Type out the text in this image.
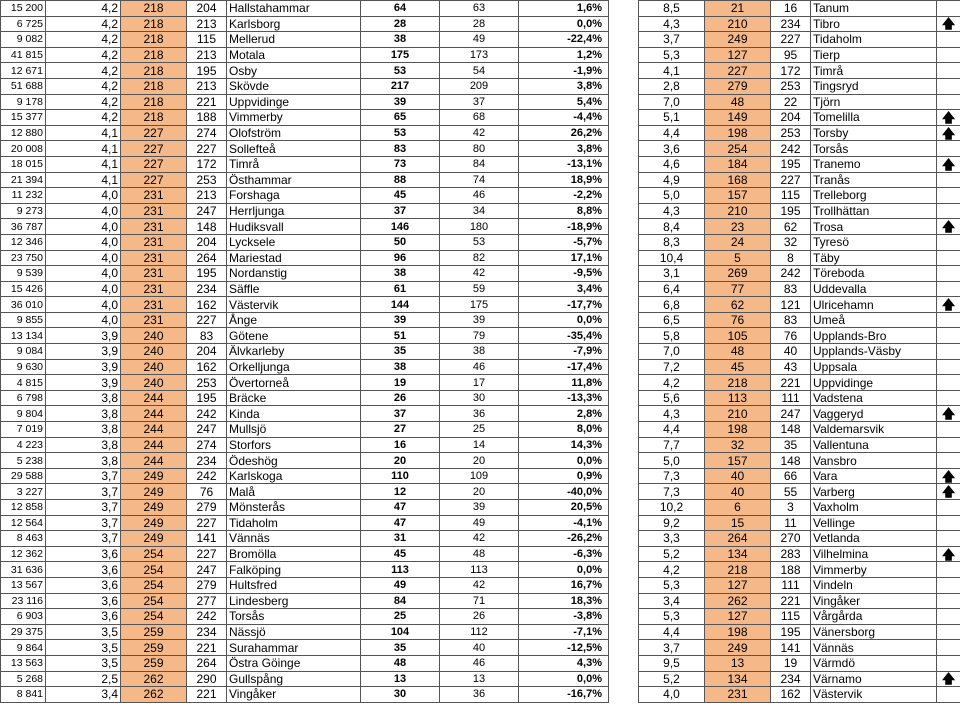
15 200	4,2	218	204	Hallstahammar	64	63	1,6%
6 725	4,2	218	213	Karlsborg	28	28	0,0%
9 082	4,2	218	115	Mellerud	38	49	-22,4%
41 815	4,2	218	213	Motala	175	173	1,2%
12 671	4,2	218	195	Osby	53	54	-1,9%
51 688	4,2	218	213	Skövde	217	209	3,8%
9 178	4,2	218	221	Uppvidinge	39	37	5,4%
15 377	4,2	218	188	Vimmerby	65	68	-4,4%
12 880	4,1	227	274	Olofström	53	42	26,2%
20 008	4,1	227	227	Sollefteå	83	80	3,8%
18 015	4,1	227	172	Timrå	73	84	-13,1%
21 394	4,1	227	253	Östhammar	88	74	18,9%
11 232	4,0	231	213	Forshaga	45	46	-2,2%
9 273	4,0	231	247	Herrljunga	37	34	8,8%
36 787	4,0	231	148	Hudiksvall	146	180	-18,9%
12 346	4,0	231	204	Lycksele	50	53	-5,7%
23 750	4,0	231	264	Mariestad	96	82	17,1%
9 539	4,0	231	195	Nordanstig	38	42	-9,5%
15 426	4,0	231	234	Säffle	61	59	3,4%
36 010	4,0	231	162	Västervik	144	175	-17,7%
9 855	4,0	231	227	Ånge	39	39	0,0%
13 134	3,9	240	83	Götene	51	79	-35,4%
9 084	3,9	240	204	Älvkarleby	35	38	-7,9%
9 630	3,9	240	162	Orkelljunga	38	46	-17,4%
4 815	3,9	240	253	Övertorneå	19	17	11,8%
6 798	3,8	244	195	Bräcke	26	30	-13,3%
9 804	3,8	244	242	Kinda	37	36	2,8%
7 019	3,8	244	247	Mullsjö	27	25	8,0%
4 223	3,8	244	274	Storfors	16	14	14,3%
5 238	3,8	244	234	Ödeshög	20	20	0,0%
29 588	3,7	249	242	Karlskoga	110	109	0,9%
3 227	3,7	249	76	Malå	12	20	-40,0%
12 858	3,7	249	279	Mönsterås	47	39	20,5%
12 564	3,7	249	227	Tidaholm	47	49	-4,1%
8 463	3,7	249	141	Vännäs	31	42	-26,2%
12 362	3,6	254	227	Bromölla	45	48	-6,3%
31 636	3,6	254	247	Falköping	113	113	0,0%
13 567	3,6	254	279	Hultsfred	49	42	16,7%
23 116	3,6	254	277	Lindesberg	84	71	18,3%
6 903	3,6	254	242	Torsås	25	26	-3,8%
29 375	3,5	259	234	Nässjö	104	112	-7,1%
9 864	3,5	259	221	Surahammar	35	40	-12,5%
13 563	3,5	259	264	Östra Göinge	48	46	4,3%
5 268	2,5	262	290	Gullspång	13	13	0,0%
8 841	3,4	262	221	Vingåker	30	36	-16,7%
8,5	21	16	Tanum	
4,3	210	234	Tibro	🡅
3,7	249	227	Tidaholm	
5,3	127	95	Tierp	
4,1	227	172	Timrå	
2,8	279	253	Tingsryd	
7,0	48	22	Tjörn	
5,1	149	204	Tomelilla	🡅
4,4	198	253	Torsby	🡅
3,6	254	242	Torsås	
4,6	184	195	Tranemo	🡅
4,9	168	227	Tranås	
5,0	157	115	Trelleborg	
4,3	210	195	Trollhättan	
8,4	23	62	Trosa	🡅
8,3	24	32	Tyresö	
10,4	5	8	Täby	
3,1	269	242	Töreboda	
6,4	77	83	Uddevalla	
6,8	62	121	Ulricehamn	🡅
6,5	76	83	Umeå	
5,8	105	76	Upplands-Bro	
7,0	48	40	Upplands-Väsby	
7,2	45	43	Uppsala	
4,2	218	221	Uppvidinge	
5,6	113	111	Vadstena	
4,3	210	247	Vaggeryd	🡅
4,4	198	148	Valdemarsvik	
7,7	32	35	Vallentuna	
5,0	157	148	Vansbro	
7,3	40	66	Vara	🡅
7,3	40	55	Varberg	🡅
10,2	6	3	Vaxholm	
9,2	15	11	Vellinge	
3,3	264	270	Vetlanda	
5,2	134	283	Vilhelmina	🡅
4,2	218	188	Vimmerby	
5,3	127	111	Vindeln	
3,4	262	221	Vingåker	
5,3	127	115	Vårgårda	
4,4	198	195	Vänersborg	
3,7	249	141	Vännäs	
9,5	13	19	Värmdö	
5,2	134	234	Värnamo	🡅
4,0	231	162	Västervik	
